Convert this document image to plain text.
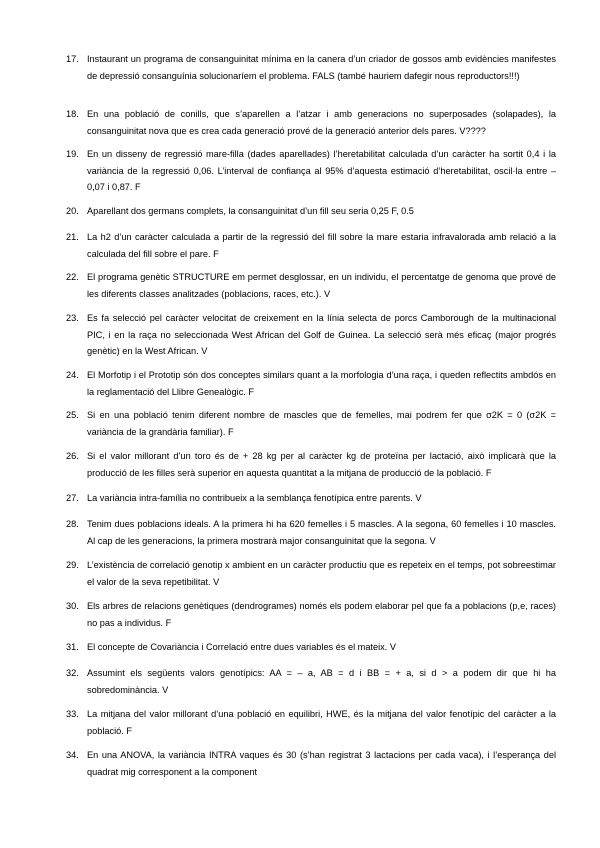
17. Instaurant un programa de consanguinitat mínima en la canera d’un criador de gossos amb evidències manifestes de depressió consanguínia solucionaríem el problema. FALS (també hauriem dafegir nous reproductors!!!)
18. En una població de conills, que s’aparellen a l’atzar i amb generacions no superposades (solapades), la consanguinitat nova que es crea cada generació prové de la generació anterior dels pares. V????
19. En un disseny de regressió mare-filla (dades aparellades) l’heretabilitat calculada d’un caràcter ha sortit 0,4 i la variància de la regressió 0,06. L’interval de confiança al 95% d’aquesta estimació d’heretabilitat, oscil·la entre –0,07 i 0,87. F
20. Aparellant dos germans complets, la consanguinitat d’un fill seu seria 0,25 F, 0.5
21. La h2 d’un caràcter calculada a partir de la regressió del fill sobre la mare estaria infravalorada amb relació a la calculada del fill sobre el pare. F
22. El programa genètic STRUCTURE em permet desglossar, en un individu, el percentatge de genoma que prové de les diferents classes analitzades (poblacions, races, etc.). V
23. Es fa selecció pel caràcter velocitat de creixement en la línia selecta de porcs Camborough de la multinacional PIC, i en la raça no seleccionada West African del Golf de Guinea. La selecció serà més eficaç (major progrés genètic) en la West African. V
24. El Morfotip i el Prototip són dos conceptes similars quant a la morfologia d’una raça, i queden reflectits ambdós en la reglamentació del Llibre Genealògic. F
25. Si en una població tenim diferent nombre de mascles que de femelles, mai podrem fer que σ2K = 0 (σ2K = variància de la grandària familiar). F
26. Si el valor millorant d’un toro és de + 28 kg per al caràcter kg de proteïna per lactació, això implicarà que la producció de les filles serà superior en aquesta quantitat a la mitjana de producció de la població. F
27. La variància intra-família no contribueix a la semblança fenotípica entre parents. V
28. Tenim dues poblacions ideals. A la primera hi ha 620 femelles i 5 mascles. A la segona, 60 femelles i 10 mascles. Al cap de les generacions, la primera mostrarà major consanguinitat que la segona. V
29. L’existència de correlació genotip x ambient en un caràcter productiu que es repeteix en el temps, pot sobreestimar el valor de la seva repetibilitat. V
30. Els arbres de relacions genètiques (dendrogrames) només els podem elaborar pel que fa a poblacions (p,e, races) no pas a individus. F
31. El concepte de Covariància i Correlació entre dues variables és el mateix. V
32. Assumint els següents valors genotípics: AA = – a, AB = d i BB = + a, si d > a podem dir que hi ha sobredominància. V
33. La mitjana del valor millorant d’una població en equilibri, HWE, és la mitjana del valor fenotípic del caràcter a la població. F
34. En una ANOVA, la variància INTRA vaques és 30 (s’han registrat 3 lactacions per cada vaca), i l’esperança del quadrat mig corresponent a la component
